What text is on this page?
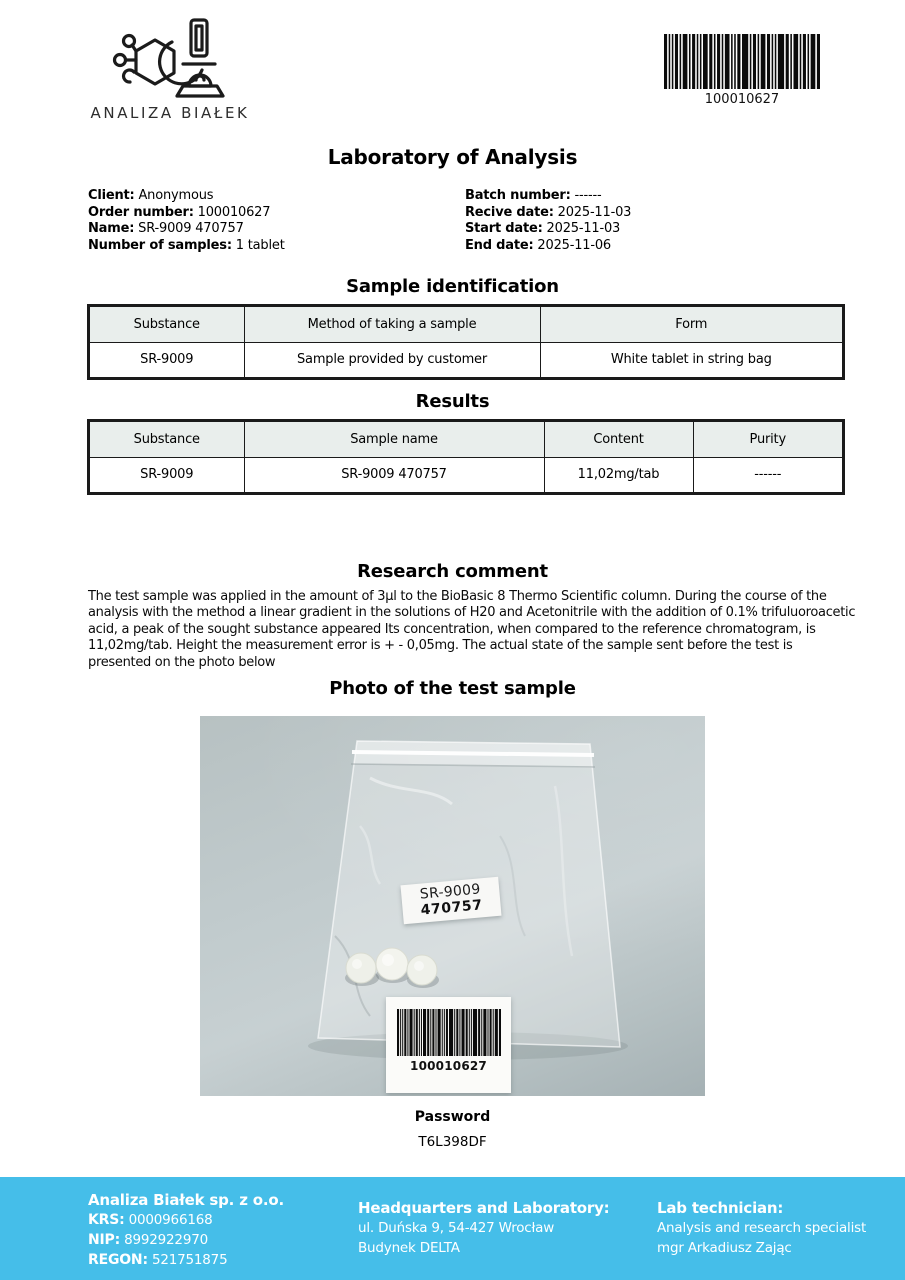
ANALIZA BIAŁEK
100010627
Laboratory of Analysis
Client: Anonymous
Order number: 100010627
Name: SR-9009 470757
Number of samples: 1 tablet
Batch number: ------
Recive date: 2025-11-03
Start date: 2025-11-03
End date: 2025-11-06
Sample identification
Substance	Method of taking a sample	Form
SR-9009	Sample provided by customer	White tablet in string bag
Results
Substance	Sample name	Content	Purity
SR-9009	SR-9009 470757	11,02mg/tab	------
Research comment
The test sample was applied in the amount of 3µl to the BioBasic 8 Thermo Scientific column. During the course of the analysis with the method a linear gradient in the solutions of H20 and Acetonitrile with the addition of 0.1% trifuluoroacetic acid, a peak of the sought substance appeared Its concentration, when compared to the reference chromatogram, is 11,02mg/tab. Height the measurement error is + - 0,05mg. The actual state of the sample sent before the test is presented on the photo below
Photo of the test sample
SR-9009
470757
100010627
Password
T6L398DF
Analiza Białek sp. z o.o.
KRS: 0000966168
NIP: 8992922970
REGON: 521751875
Headquarters and Laboratory:
ul. Duńska 9, 54-427 Wrocław
Budynek DELTA
Lab technician:
Analysis and research specialist
mgr Arkadiusz Zając
